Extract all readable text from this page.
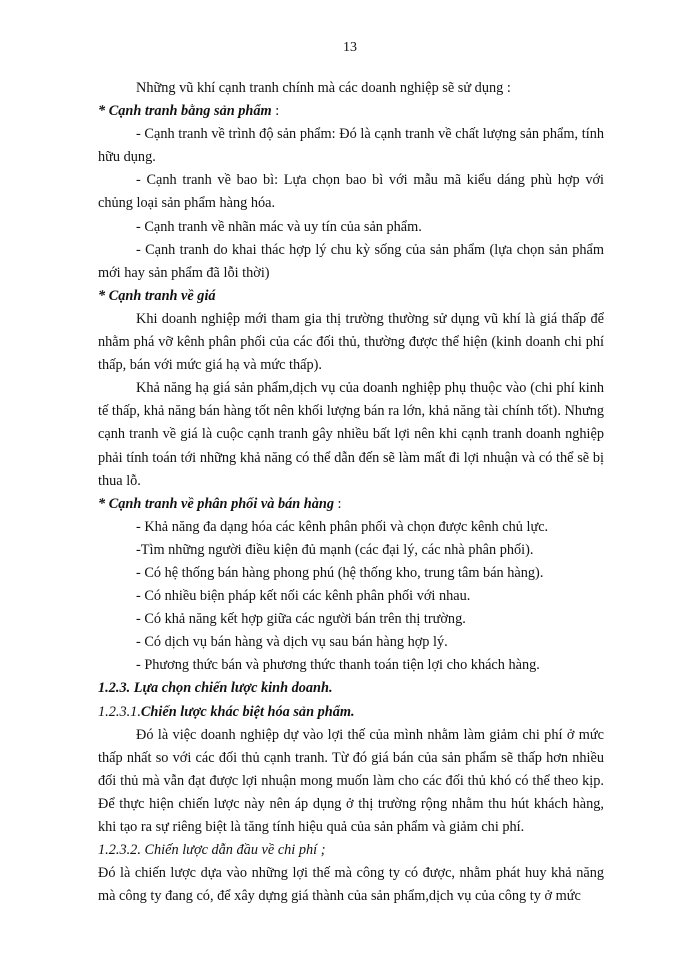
13

Những vũ khí cạnh tranh chính mà các doanh nghiệp sẽ sử dụng :

* Cạnh tranh bằng sản phẩm :

- Cạnh tranh về trình độ sản phẩm: Đó là cạnh tranh về chất lượng sản phẩm, tính hữu dụng.

- Cạnh tranh về bao bì: Lựa chọn bao bì với mẫu mã kiểu dáng phù hợp với chủng loại sản phẩm hàng hóa.

- Cạnh tranh về nhãn mác và uy tín của sản phẩm.

- Cạnh tranh do khai thác hợp lý chu kỳ sống của sản phẩm (lựa chọn sản phẩm mới hay sản phẩm đã lỗi thời)

* Cạnh tranh về giá

Khi doanh nghiệp mới tham gia thị trường thường sử dụng vũ khí là giá thấp để nhằm phá vỡ kênh phân phối của các đối thủ, thường được thể hiện (kinh doanh chi phí thấp, bán với mức giá hạ và mức thấp).

Khả năng hạ giá sản phẩm,dịch vụ của doanh nghiệp phụ thuộc vào (chi phí kinh tế thấp, khả năng bán hàng tốt nên khối lượng bán ra lớn, khả năng tài chính tốt). Nhưng cạnh tranh về giá là cuộc cạnh tranh gây nhiều bất lợi nên khi cạnh tranh doanh nghiệp phải tính toán tới những khả năng có thể dẫn đến sẽ làm mất đi lợi nhuận và có thể sẽ bị thua lỗ.

* Cạnh tranh về phân phối và bán hàng :

- Khả năng đa dạng hóa các kênh phân phối và chọn được kênh chủ lực.

-Tìm những người điều kiện đủ mạnh (các đại lý, các nhà phân phối).

- Có hệ thống bán hàng phong phú (hệ thống kho, trung tâm bán hàng).

- Có nhiều biện pháp kết nối các kênh phân phối với nhau.

- Có khả năng kết hợp giữa các người bán trên thị trường.

- Có dịch vụ bán hàng và dịch vụ sau bán hàng hợp lý.

- Phương thức bán và phương thức thanh toán tiện lợi cho khách hàng.

1.2.3. Lựa chọn chiến lược kinh doanh.

1.2.3.1.Chiến lược khác biệt hóa sản phẩm.

Đó là việc doanh nghiệp dự vào lợi thế của mình nhằm làm giảm chi phí ở mức thấp nhất so với các đối thủ cạnh tranh. Từ đó giá bán của sản phẩm sẽ thấp hơn nhiều đối thủ mà vẫn đạt được lợi nhuận mong muốn làm cho các đối thủ khó có thể theo kịp. Để thực hiện chiến lược này nên áp dụng ở thị trường rộng nhằm thu hút khách hàng, khi tạo ra sự riêng biệt là tăng tính hiệu quả của sản phẩm và giảm chi phí.

1.2.3.2. Chiến lược dẫn đầu về chi phí ;

Đó là chiến lược dựa vào những lợi thế mà công ty có được, nhằm phát huy khả năng mà công ty đang có, để xây dựng giá thành của sản phẩm,dịch vụ của công ty ở mức
